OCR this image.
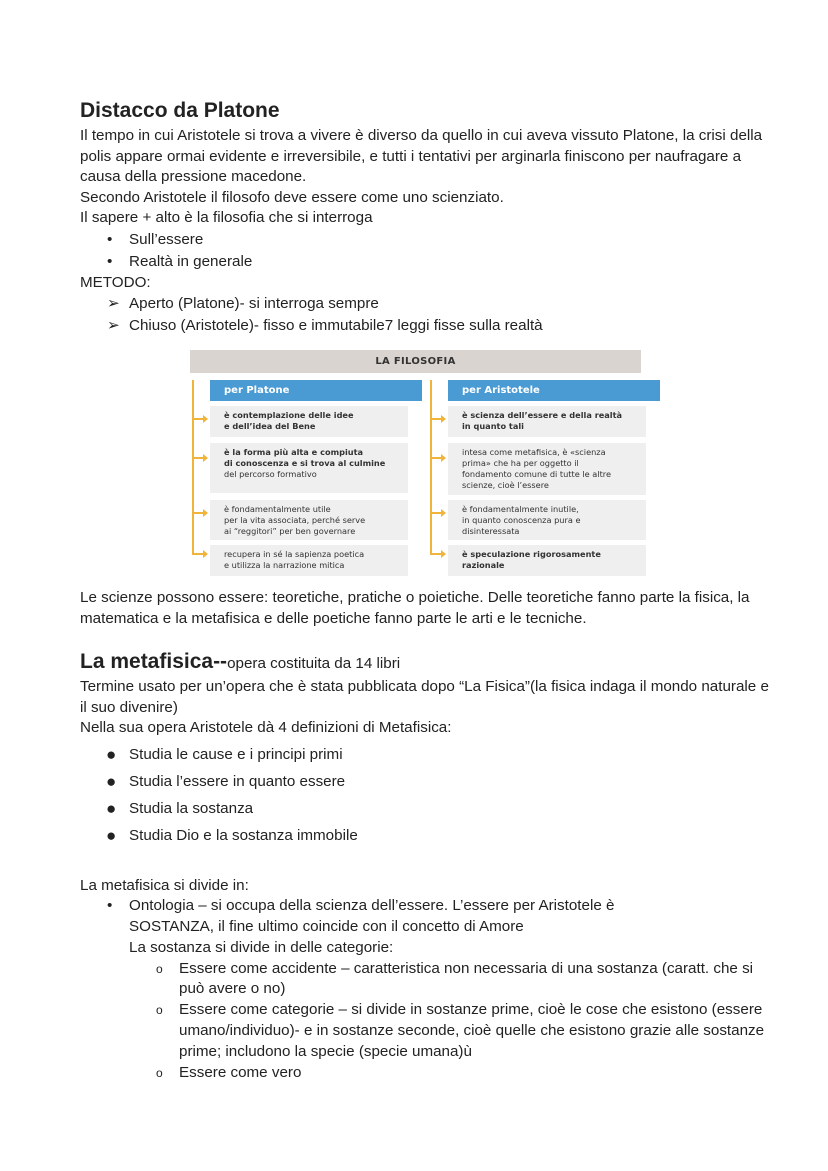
Distacco da Platone

Il tempo in cui Aristotele si trova a vivere è diverso da quello in cui aveva vissuto Platone, la crisi della polis appare ormai evidente e irreversibile, e tutti i tentativi per arginarla finiscono per naufragare a causa della pressione macedone.

Secondo Aristotele il filosofo deve essere come uno scienziato.

Il sapere + alto è la filosofia che si interroga

• Sull’essere
• Realtà in generale

METODO:

➢ Aperto (Platone)- si interroga sempre
➢ Chiuso (Aristotele)- fisso e immutabile7 leggi fisse sulla realtà
LA FILOSOFIA
per Platone	per Aristotele
è contemplazione delle idee
e dell’idea del Bene
è la forma più alta e compiuta
di conoscenza e si trova al culmine
del percorso formativo
è fondamentalmente utile
per la vita associata, perché serve
ai “reggitori” per ben governare
recupera in sé la sapienza poetica
e utilizza la narrazione mitica
è scienza dell’essere e della realtà
in quanto tali
intesa come metafisica, è «scienza
prima» che ha per oggetto il
fondamento comune di tutte le altre
scienze, cioè l’essere
è fondamentalmente inutile,
in quanto conoscenza pura e
disinteressata
è speculazione rigorosamente
razionale

Le scienze possono essere: teoretiche, pratiche o poietiche. Delle teoretiche fanno parte la fisica, la matematica e la metafisica e delle poetiche fanno parte le arti e le tecniche.

La metafisica--opera costituita da 14 libri

Termine usato per un’opera che è stata pubblicata dopo “La Fisica”(la fisica indaga il mondo naturale e il suo divenire)

Nella sua opera Aristotele dà 4 definizioni di Metafisica:

● Studia le cause e i principi primi
● Studia l’essere in quanto essere
● Studia la sostanza
● Studia Dio e la sostanza immobile

La metafisica si divide in:

• Ontologia – si occupa della scienza dell’essere. L’essere per Aristotele è
SOSTANZA, il fine ultimo coincide con il concetto di Amore
La sostanza si divide in delle categorie:
o Essere come accidente – caratteristica non necessaria di una sostanza (caratt. che si può avere o no)
o Essere come categorie – si divide in sostanze prime, cioè le cose che esistono (essere umano/individuo)- e in sostanze seconde, cioè quelle che esistono grazie alle sostanze prime; includono la specie (specie umana)ù
o Essere come vero
